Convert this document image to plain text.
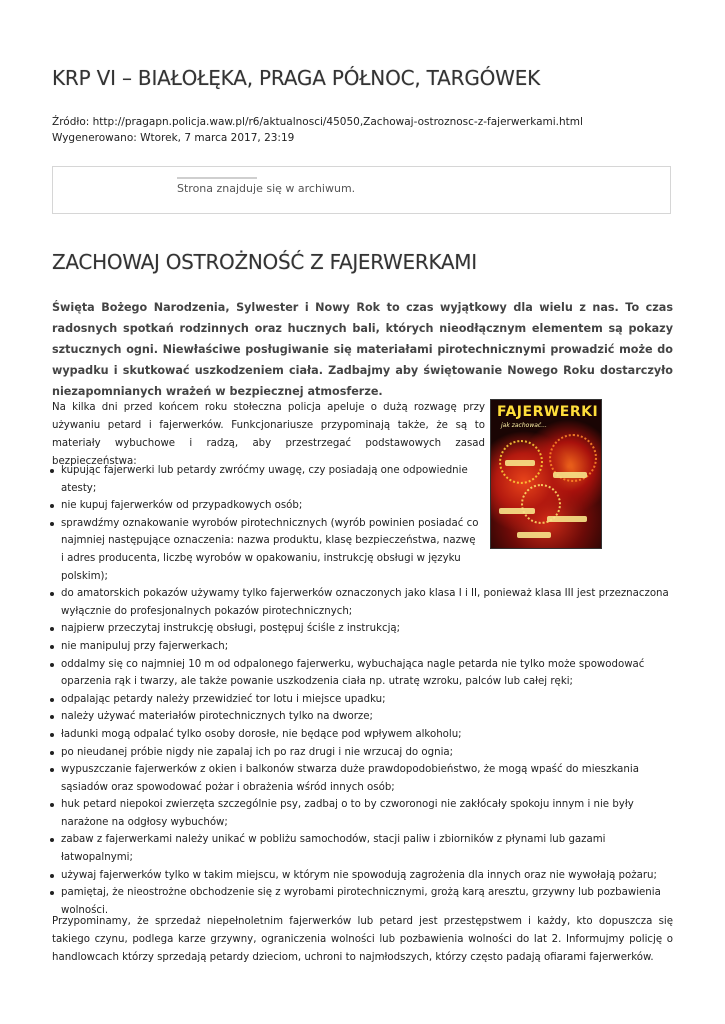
KRP VI – BIAŁOŁĘKA, PRAGA PÓŁNOC, TARGÓWEK
Źródło: http://pragapn.policja.waw.pl/r6/aktualnosci/45050,Zachowaj-ostroznosc-z-fajerwerkami.html
Wygenerowano: Wtorek, 7 marca 2017, 23:19
Strona znajduje się w archiwum.
ZACHOWAJ OSTROŻNOŚĆ Z FAJERWERKAMI

Święta Bożego Narodzenia, Sylwester i Nowy Rok to czas wyjątkowy dla wielu z nas. To czas radosnych spotkań rodzinnych oraz hucznych bali, których nieodłącznym elementem są pokazy sztucznych ogni. Niewłaściwe posługiwanie się materiałami pirotechnicznymi prowadzić może do wypadku i skutkować uszkodzeniem ciała. Zadbajmy aby świętowanie Nowego Roku dostarczyło niezapomnianych wrażeń w bezpiecznej atmosferze.

Na kilka dni przed końcem roku stołeczna policja apeluje o dużą rozwagę przy używaniu petard i fajerwerków. Funkcjonariusze przypominają także, że są to materiały wybuchowe i radzą, aby przestrzegać podstawowych zasad bezpieczeństwa:

FAJERWERKI
jak zachować...
kupując fajerwerki lub petardy zwróćmy uwagę, czy posiadają one odpowiednie atesty;
nie kupuj fajerwerków od przypadkowych osób;
sprawdźmy oznakowanie wyrobów pirotechnicznych (wyrób powinien posiadać co najmniej następujące oznaczenia: nazwa produktu, klasę bezpieczeństwa, nazwę i adres producenta, liczbę wyrobów w opakowaniu, instrukcję obsługi w języku polskim);
do amatorskich pokazów używamy tylko fajerwerków oznaczonych jako klasa I i II, ponieważ klasa III jest przeznaczona wyłącznie do profesjonalnych pokazów pirotechnicznych;
najpierw przeczytaj instrukcję obsługi, postępuj ściśle z instrukcją;
nie manipuluj przy fajerwerkach;
oddalmy się co najmniej 10 m od odpalonego fajerwerku, wybuchająca nagle petarda nie tylko może spowodować oparzenia rąk i twarzy, ale także powanie uszkodzenia ciała np. utratę wzroku, palców lub całej ręki;
odpalając petardy należy przewidzieć tor lotu i miejsce upadku;
należy używać materiałów pirotechnicznych tylko na dworze;
ładunki mogą odpalać tylko osoby dorosłe, nie będące pod wpływem alkoholu;
po nieudanej próbie nigdy nie zapalaj ich po raz drugi i nie wrzucaj do ognia;
wypuszczanie fajerwerków z okien i balkonów stwarza duże prawdopodobieństwo, że mogą wpaść do mieszkania sąsiadów oraz spowodować pożar i obrażenia wśród innych osób;
huk petard niepokoi zwierzęta szczególnie psy, zadbaj o to by czworonogi nie zakłócały spokoju innym i nie były narażone na odgłosy wybuchów;
zabaw z fajerwerkami należy unikać w pobliżu samochodów, stacji paliw i zbiorników z płynami lub gazami łatwopalnymi;
używaj fajerwerków tylko w takim miejscu, w którym nie spowodują zagrożenia dla innych oraz nie wywołają pożaru;
pamiętaj, że nieostrożne obchodzenie się z wyrobami pirotechnicznymi, grożą karą aresztu, grzywny lub pozbawienia wolności.

Przypominamy, że sprzedaż niepełnoletnim fajerwerków lub petard jest przestępstwem i każdy, kto dopuszcza się takiego czynu, podlega karze grzywny, ograniczenia wolności lub pozbawienia wolności do lat 2. Informujmy policję o handlowcach którzy sprzedają petardy dzieciom, uchroni to najmłodszych, którzy często padają ofiarami fajerwerków.
